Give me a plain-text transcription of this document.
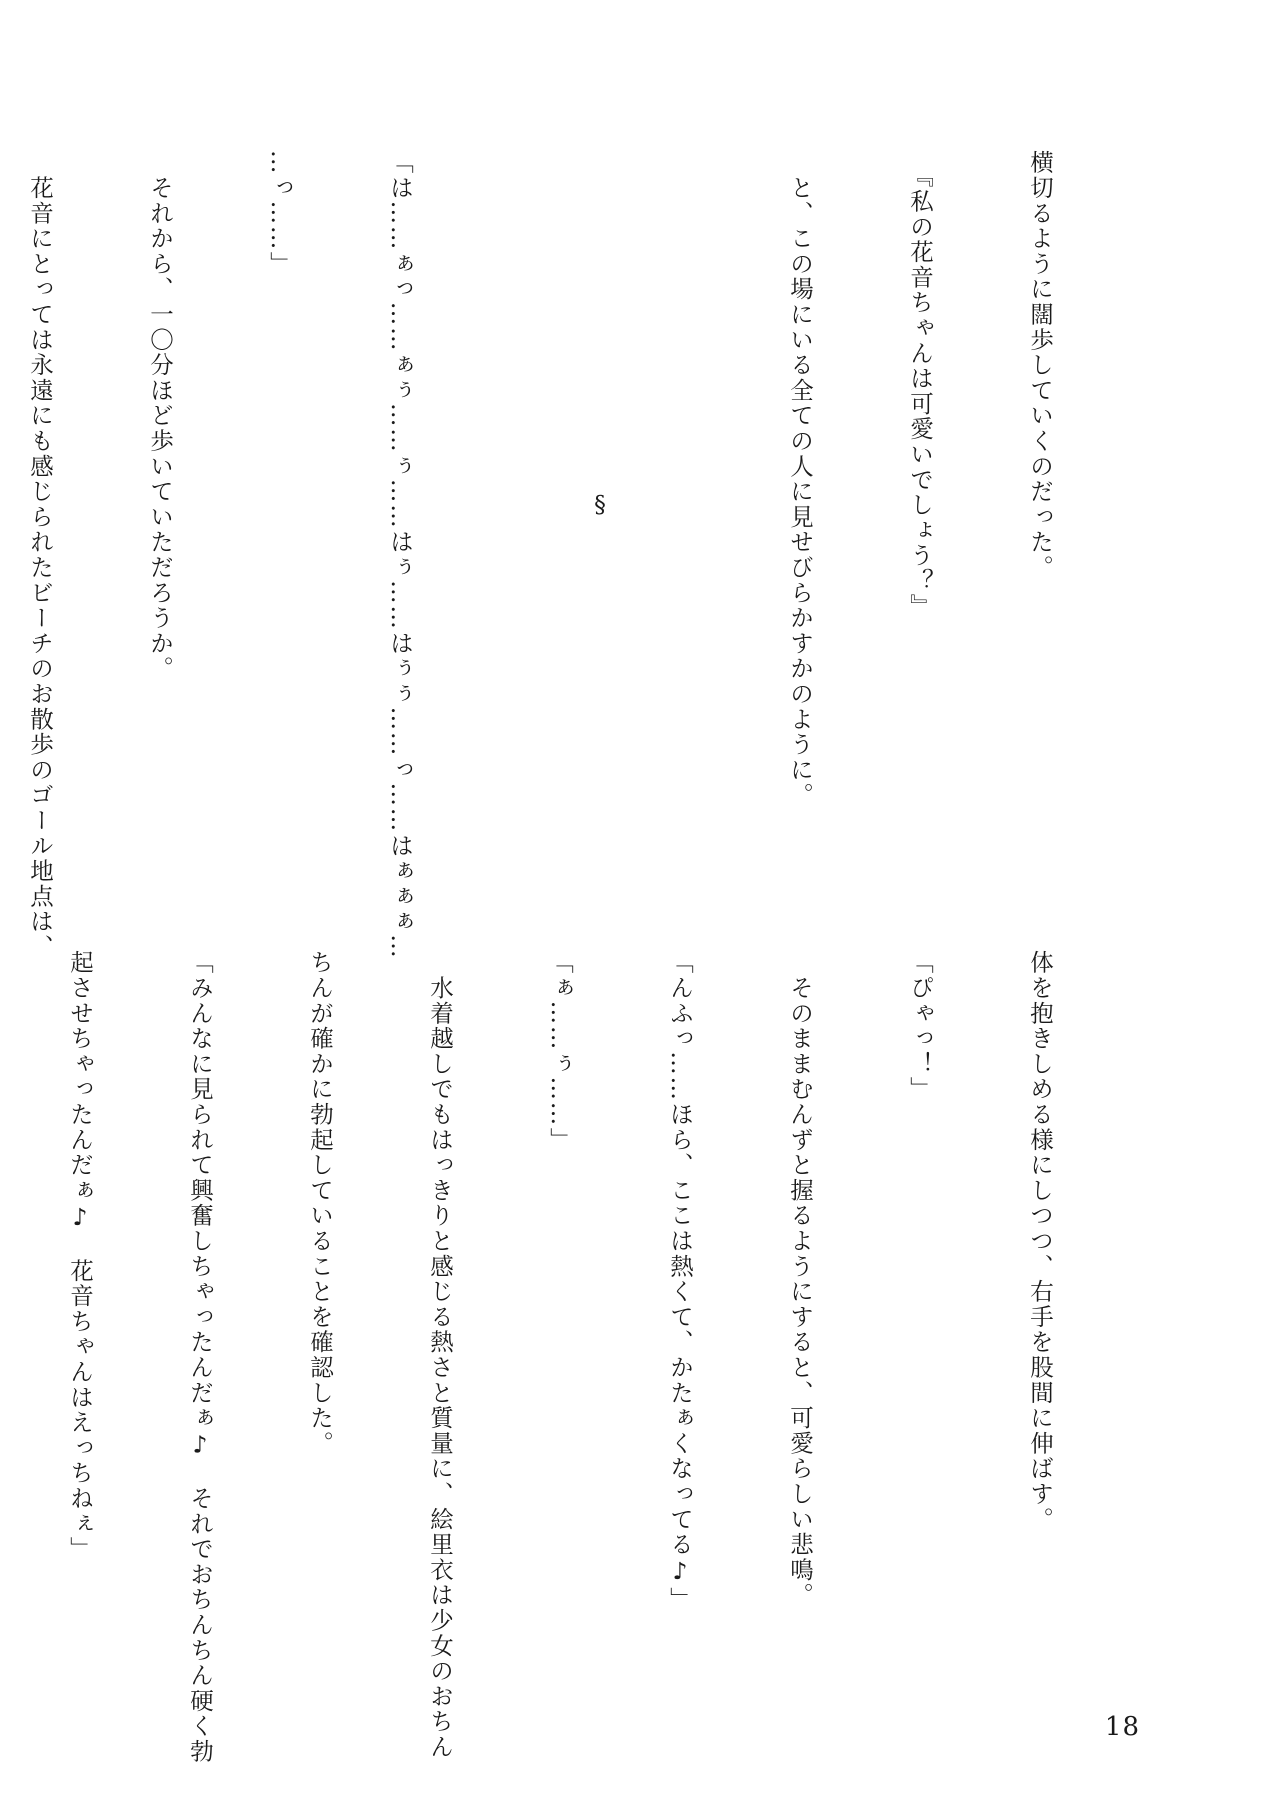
横切るように闊歩していくのだった。

　『私の花音ちゃんは可愛いでしょう？』

　と、この場にいる全ての人に見せびらかすかのように。

§

「は……ぁっ……ぁぅ……ぅ……はぅ……はぅぅ……っ……はぁぁぁ…

…っ……」

　それから、一〇分ほど歩いていただろうか。

　花音にとっては永遠にも感じられたビーチのお散歩のゴール地点は、

体を抱きしめる様にしつつ、右手を股間に伸ばす。

「ぴゃっ！」

　そのままむんずと握るようにすると、可愛らしい悲鳴。

「んふっ……ほら、ここは熱くて、かたぁくなってる♪」

「ぁ……ぅ……」

　水着越しでもはっきりと感じる熱さと質量に、絵里衣は少女のおちん

ちんが確かに勃起していることを確認した。

「みんなに見られて興奮しちゃったんだぁ♪　それでおちんちん硬く勃

起させちゃったんだぁ♪　花音ちゃんはえっちねぇ」

18
